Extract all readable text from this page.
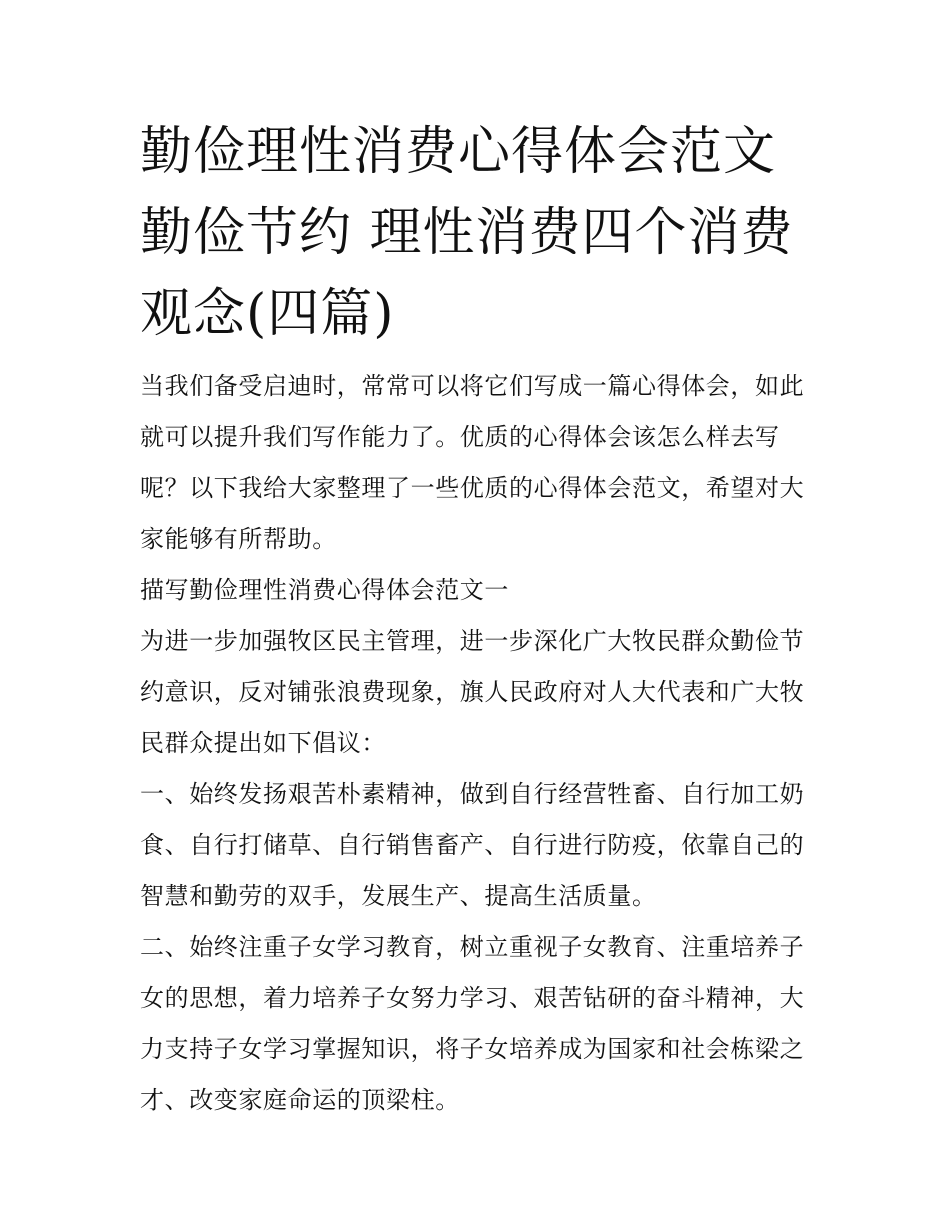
勤俭理性消费心得体会范文 勤俭节约 理性消费四个消费观念(四篇)

当我们备受启迪时，常常可以将它们写成一篇心得体会，如此就可以提升我们写作能力了。优质的心得体会该怎么样去写呢？以下我给大家整理了一些优质的心得体会范文，希望对大家能够有所帮助。

描写勤俭理性消费心得体会范文一

为进一步加强牧区民主管理，进一步深化广大牧民群众勤俭节约意识，反对铺张浪费现象，旗人民政府对人大代表和广大牧民群众提出如下倡议：

一、始终发扬艰苦朴素精神，做到自行经营牲畜、自行加工奶食、自行打储草、自行销售畜产、自行进行防疫，依靠自己的智慧和勤劳的双手，发展生产、提高生活质量。

二、始终注重子女学习教育，树立重视子女教育、注重培养子女的思想，着力培养子女努力学习、艰苦钻研的奋斗精神，大力支持子女学习掌握知识，将子女培养成为国家和社会栋梁之才、改变家庭命运的顶梁柱。
